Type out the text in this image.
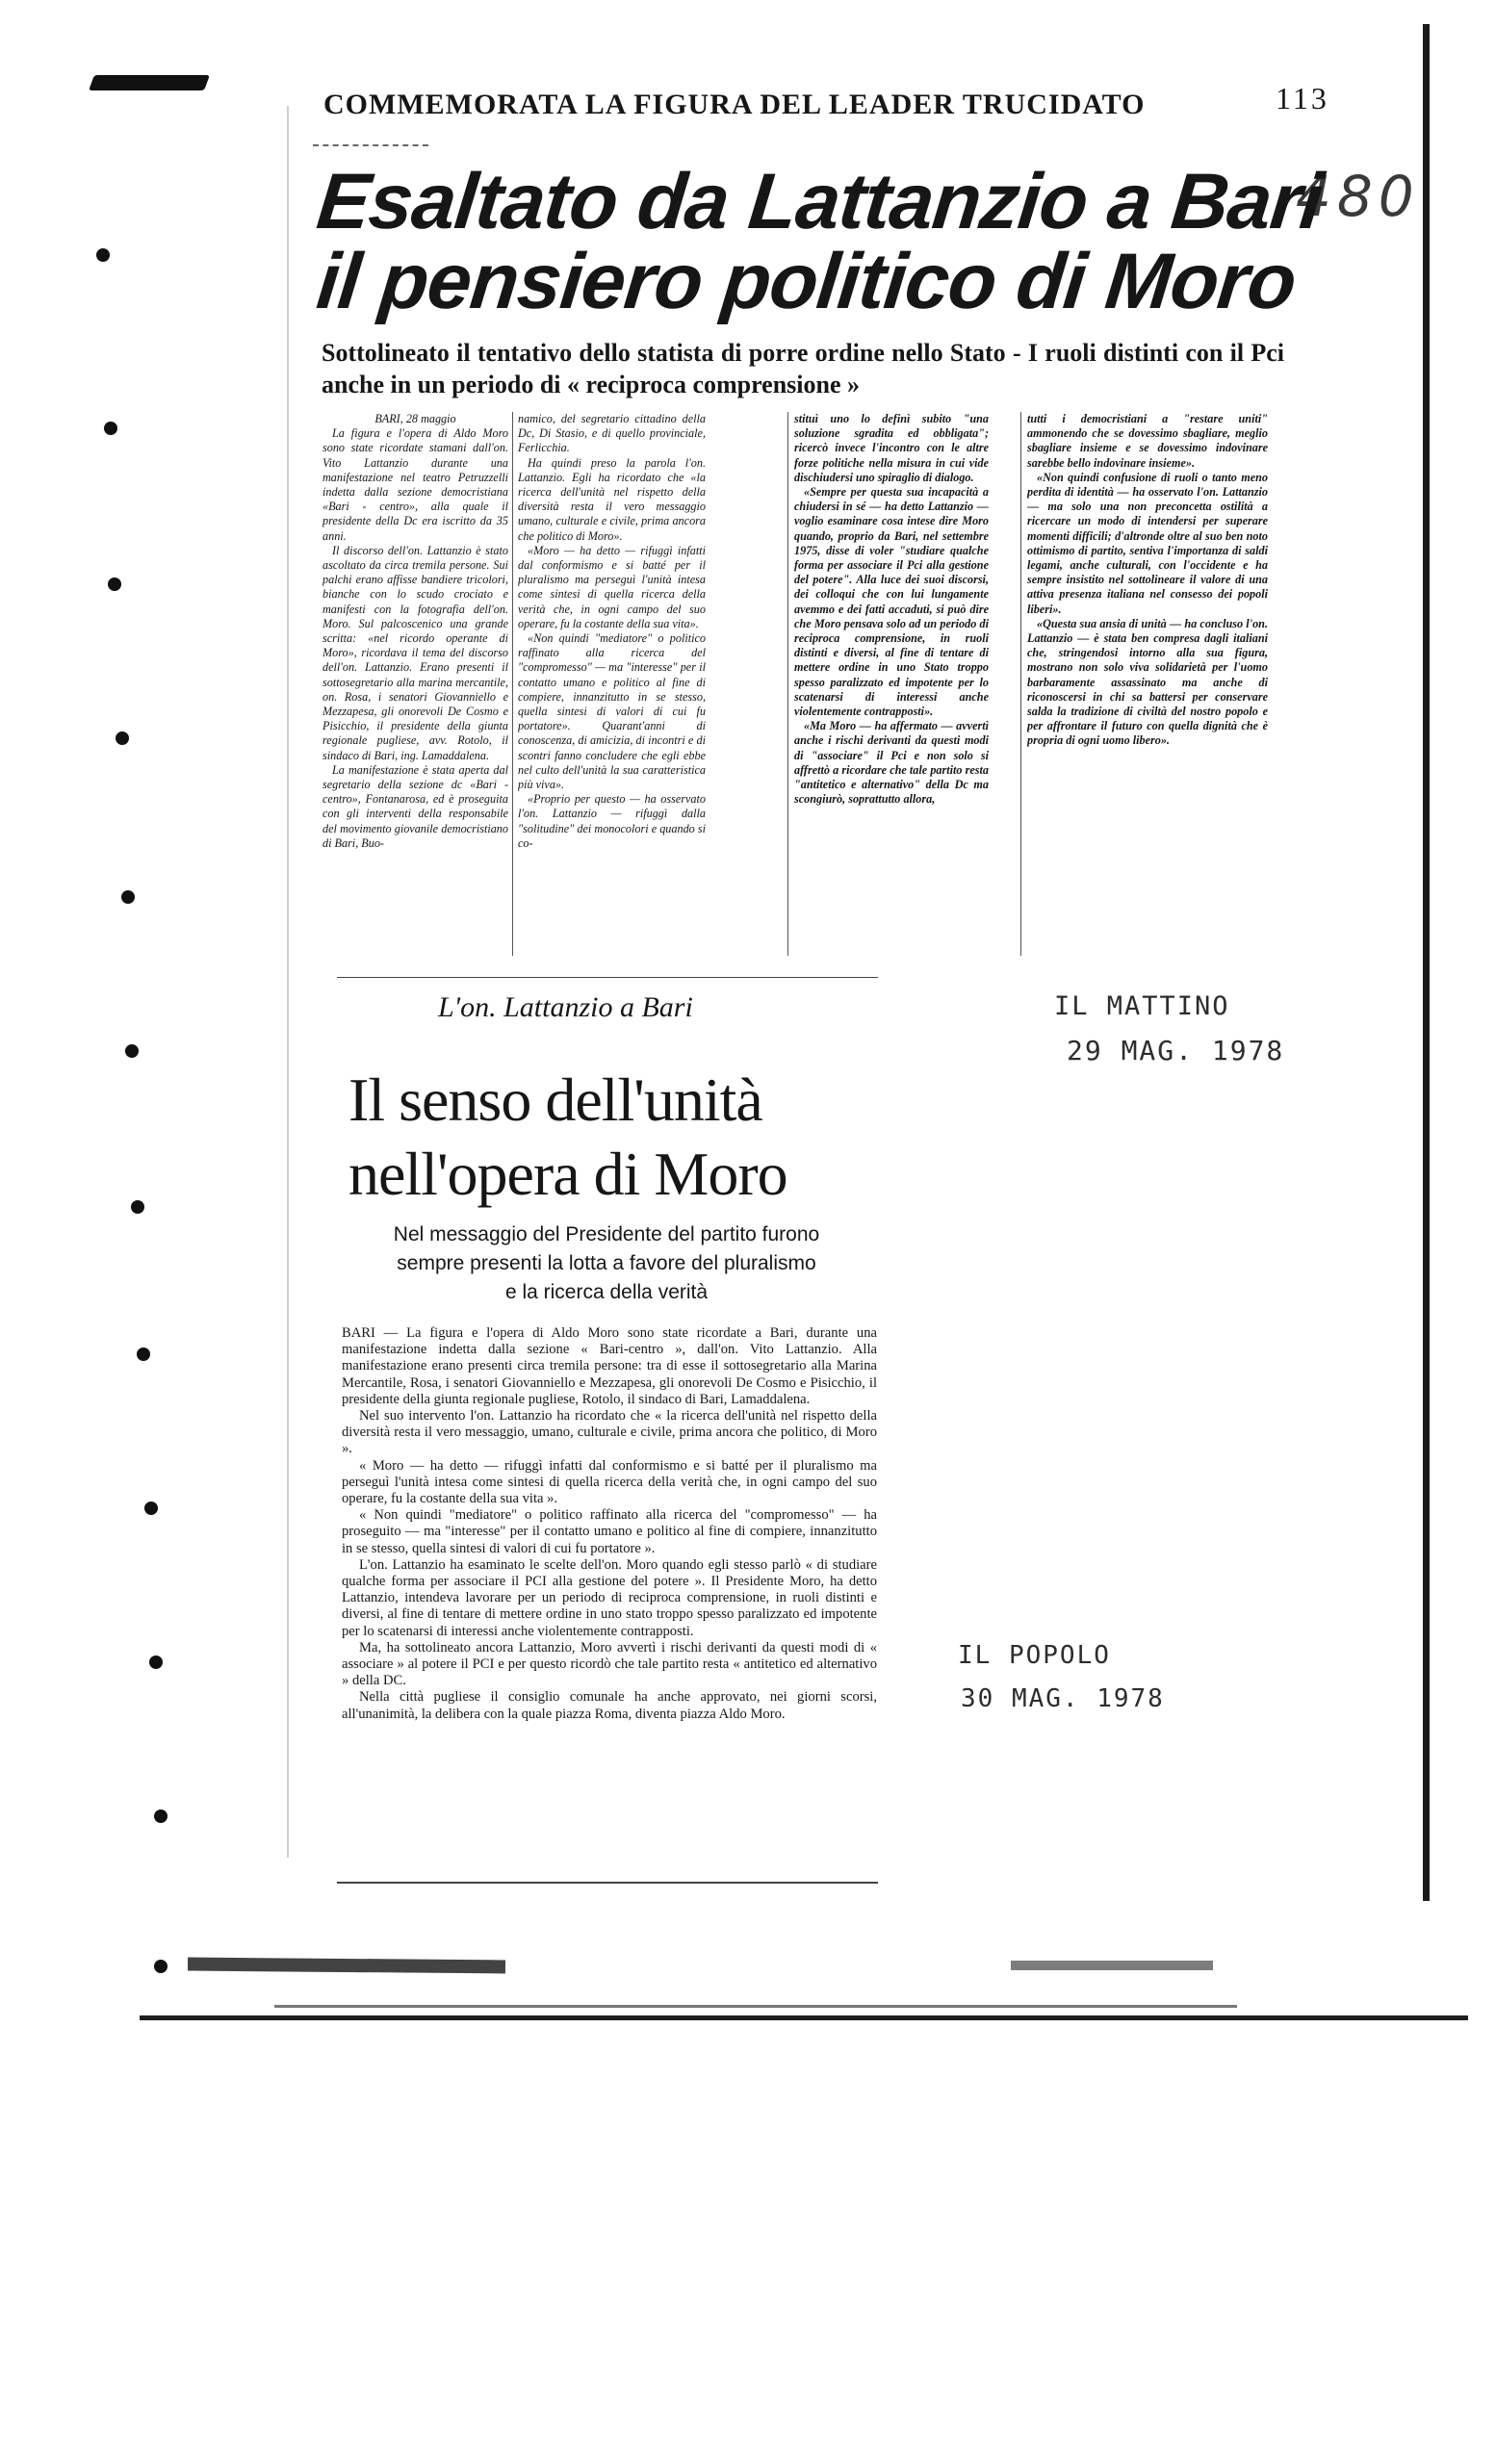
COMMEMORATA LA FIGURA DEL LEADER TRUCIDATO	113
480
Esaltato da Lattanzio a Bari
il pensiero politico di Moro
Sottolineato il tentativo dello statista di porre ordine nello Stato - I ruoli distinti con il Pci anche in un periodo di « reciproca comprensione »

BARI, 28 maggio

La figura e l'opera di Aldo Moro sono state ricordate stamani dall'on. Vito Lattanzio durante una manifestazione nel teatro Petruzzelli indetta dalla sezione democristiana «Bari - centro», alla quale il presidente della Dc era iscritto da 35 anni.

Il discorso dell'on. Lattanzio è stato ascoltato da circa tremila persone. Sui palchi erano affisse bandiere tricolori, bianche con lo scudo crociato e manifesti con la fotografia dell'on. Moro. Sul palcoscenico una grande scritta: «nel ricordo operante di Moro», ricordava il tema del discorso dell'on. Lattanzio. Erano presenti il sottosegretario alla marina mercantile, on. Rosa, i senatori Giovanniello e Mezzapesa, gli onorevoli De Cosmo e Pisicchio, il presidente della giunta regionale pugliese, avv. Rotolo, il sindaco di Bari, ing. Lamaddalena.

La manifestazione è stata aperta dal segretario della sezione dc «Bari - centro», Fontanarosa, ed è proseguita con gli interventi della responsabile del movimento giovanile democristiano di Bari, Buo-

namico, del segretario cittadino della Dc, Di Stasio, e di quello provinciale, Ferlicchia.

Ha quindi preso la parola l'on. Lattanzio. Egli ha ricordato che «la ricerca dell'unità nel rispetto della diversità resta il vero messaggio umano, culturale e civile, prima ancora che politico di Moro».

«Moro — ha detto — rifuggì infatti dal conformismo e si batté per il pluralismo ma perseguì l'unità intesa come sintesi di quella ricerca della verità che, in ogni campo del suo operare, fu la costante della sua vita».

«Non quindi "mediatore" o politico raffinato alla ricerca del "compromesso" — ma "interesse" per il contatto umano e politico al fine di compiere, innanzitutto in se stesso, quella sintesi di valori di cui fu portatore». Quarant'anni di conoscenza, di amicizia, di incontri e di scontri fanno concludere che egli ebbe nel culto dell'unità la sua caratteristica più viva».

«Proprio per questo — ha osservato l'on. Lattanzio — rifuggì dalla "solitudine" dei monocolori e quando si co-

stituì uno lo definì subito "una soluzione sgradita ed obbligata"; ricercò invece l'incontro con le altre forze politiche nella misura in cui vide dischiudersi uno spiraglio di dialogo.

«Sempre per questa sua incapacità a chiudersi in sé — ha detto Lattanzio — voglio esaminare cosa intese dire Moro quando, proprio da Bari, nel settembre 1975, disse di voler "studiare qualche forma per associare il Pci alla gestione del potere". Alla luce dei suoi discorsi, dei colloqui che con lui lungamente avemmo e dei fatti accaduti, si può dire che Moro pensava solo ad un periodo di reciproca comprensione, in ruoli distinti e diversi, al fine di tentare di mettere ordine in uno Stato troppo spesso paralizzato ed impotente per lo scatenarsi di interessi anche violentemente contrapposti».

«Ma Moro — ha affermato — avvertì anche i rischi derivanti da questi modi di "associare" il Pci e non solo si affrettò a ricordare che tale partito resta "antitetico e alternativo" della Dc ma scongiurò, soprattutto allora,

tutti i democristiani a "restare uniti" ammonendo che se dovessimo sbagliare, meglio sbagliare insieme e se dovessimo indovinare sarebbe bello indovinare insieme».

«Non quindi confusione di ruoli o tanto meno perdita di identità — ha osservato l'on. Lattanzio — ma solo una non preconcetta ostilità a ricercare un modo di intendersi per superare momenti difficili; d'altronde oltre al suo ben noto ottimismo di partito, sentiva l'importanza di saldi legami, anche culturali, con l'occidente e ha sempre insistito nel sottolineare il valore di una attiva presenza italiana nel consesso dei popoli liberi».

«Questa sua ansia di unità — ha concluso l'on. Lattanzio — è stata ben compresa dagli italiani che, stringendosi intorno alla sua figura, mostrano non solo viva solidarietà per l'uomo barbaramente assassinato ma anche di riconoscersi in chi sa battersi per conservare salda la tradizione di civiltà del nostro popolo e per affrontare il futuro con quella dignità che è propria di ogni uomo libero».

IL MATTINO
29 MAG. 1978
IL POPOLO
30 MAG. 1978
L'on. Lattanzio a Bari
Il senso dell'unità
nell'opera di Moro
Nel messaggio del Presidente del partito furono
sempre presenti la lotta a favore del pluralismo
e la ricerca della verità

BARI — La figura e l'opera di Aldo Moro sono state ricordate a Bari, durante una manifestazione indetta dalla sezione « Bari-centro », dall'on. Vito Lattanzio. Alla manifestazione erano presenti circa tremila persone: tra di esse il sottosegretario alla Marina Mercantile, Rosa, i senatori Giovanniello e Mezzapesa, gli onorevoli De Cosmo e Pisicchio, il presidente della giunta regionale pugliese, Rotolo, il sindaco di Bari, Lamaddalena.

Nel suo intervento l'on. Lattanzio ha ricordato che « la ricerca dell'unità nel rispetto della diversità resta il vero messaggio, umano, culturale e civile, prima ancora che politico, di Moro ».

« Moro — ha detto — rifuggì infatti dal conformismo e si batté per il pluralismo ma perseguì l'unità intesa come sintesi di quella ricerca della verità che, in ogni campo del suo operare, fu la costante della sua vita ».

« Non quindi "mediatore" o politico raffinato alla ricerca del "compromesso" — ha proseguito — ma "interesse" per il contatto umano e politico al fine di compiere, innanzitutto in se stesso, quella sintesi di valori di cui fu portatore ».

L'on. Lattanzio ha esaminato le scelte dell'on. Moro quando egli stesso parlò « di studiare qualche forma per associare il PCI alla gestione del potere ». Il Presidente Moro, ha detto Lattanzio, intendeva lavorare per un periodo di reciproca comprensione, in ruoli distinti e diversi, al fine di tentare di mettere ordine in uno stato troppo spesso paralizzato ed impotente per lo scatenarsi di interessi anche violentemente contrapposti.

Ma, ha sottolineato ancora Lattanzio, Moro avvertì i rischi derivanti da questi modi di « associare » al potere il PCI e per questo ricordò che tale partito resta « antitetico ed alternativo » della DC.

Nella città pugliese il consiglio comunale ha anche approvato, nei giorni scorsi, all'unanimità, la delibera con la quale piazza Roma, diventa piazza Aldo Moro.
